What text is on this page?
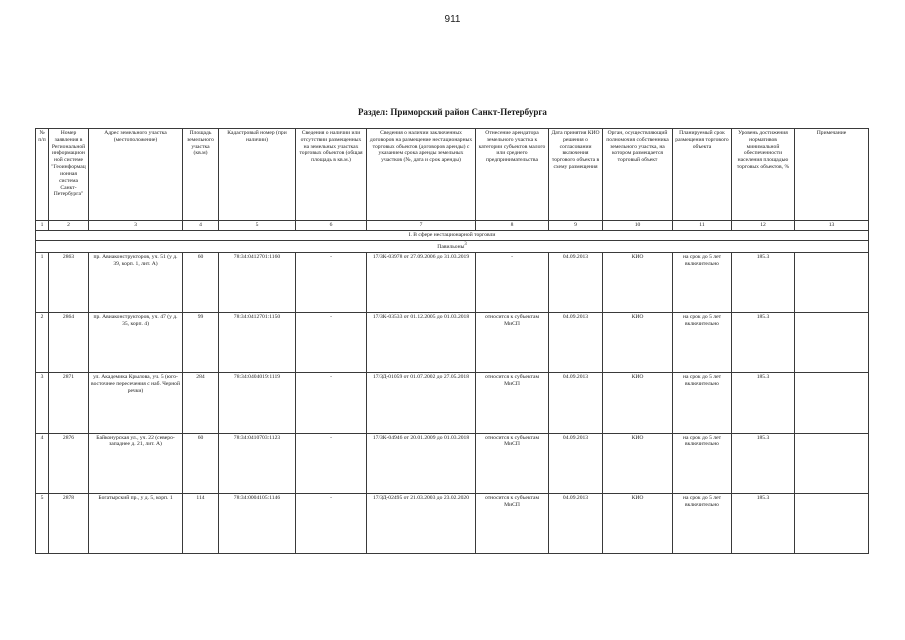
911
Раздел: Приморский район Санкт-Петербурга
№ п/п	Номер заявления в Региональной информационной системе "Геоинформационная система Санкт-Петербурга"	Адрес земельного участка (местоположение)	Площадь земельного участка (кв.м)	Кадастровый номер (при наличии)	Сведения о наличии или отсутствии размещенных на земельных участках торговых объектов (общая площадь в кв.м.)	Сведения о наличии заключенных договоров на размещение нестационарных торговых объектов (договоров аренды) с указанием срока аренды земельных участков (№, дата и срок аренды)	Отнесение арендатора земельного участка к категории субъектов малого или среднего предпринимательства	Дата принятия КИО решения о согласовании включения торгового объекта в схему размещения	Орган, осуществляющий полномочия собственника земельного участка, на котором размещается торговый объект	Планируемый срок размещения торгового объекта	Уровень достижения нормативов минимальной обеспеченности населения площадью торговых объектов, %	Примечание
1	2	3	4	5	6	7	8	9	10	11	12	13
I. В сфере нестационарной торговли												
Павильоны$^3$
1	2863	пр. Авиаконструкторов, уч. 51 (у д. 39, корп. 1, лит. А)	60	78:34:0412701:1160	-	17/ЗК-03978 от 27.09.2006 до 31.03.2019	-	04.09.2013	КИО	на срок до 5 лет включительно	185.3	
2	2864	пр. Авиаконструкторов, уч. 47 (у д. 35, корп. 4)	99	78:34:0412701:1150	-	17/ЗК-03533 от 01.12.2005 до 01.03.2018	относится к субъектам МиСП	04.09.2013	КИО	на срок до 5 лет включительно	185.3	
3	2871	ул. Академика Крылова, уч. 5 (юго-восточнее пересечения с наб. Черной речки)	284	78:34:0404019:1119	-	17/ЗД-01059 от 01.07.2002 до 27.05.2018	относится к субъектам МиСП	04.09.2013	КИО	на срок до 5 лет включительно	185.3	
4	2876	Байконурская ул., уч. 22 (северо-западнее д. 21, лит. А)	60	78:34:0410703:1123	-	17/ЗК-04946 от 20.01.2009 до 01.03.2018	относится к субъектам МиСП	04.09.2013	КИО	на срок до 5 лет включительно	185.3	
5	2878	Богатырский пр., у д. 5, корп. 1	114	78:34:0004105:1146	-	17/ЗД-02495 от 21.03.2003 до 23.02.2020	относится к субъектам МиСП	04.09.2013	КИО	на срок до 5 лет включительно	185.3	
